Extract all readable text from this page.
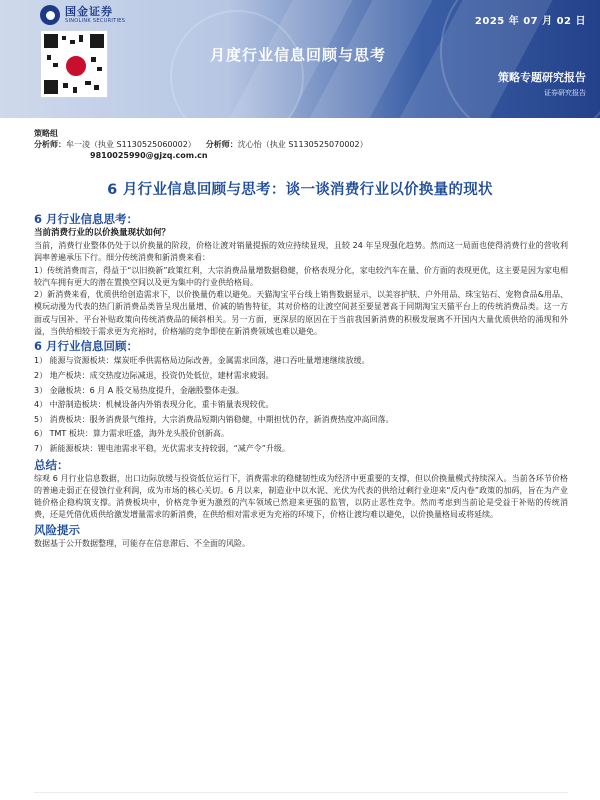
国金证券
SINOLINK SECURITIES	2025 年 07 月 02 日
月度行业信息回顾与思考
策略专题研究报告
证券研究报告
策略组
分析师：牟一凌（执业 S1130525060002） 分析师：沈心怡（执业 S1130525070002）
9810025990@gjzq.com.cn
6 月行业信息回顾与思考：谈一谈消费行业以价换量的现状
6 月行业信息思考：
当前消费行业的以价换量现状如何？

当前，消费行业整体仍处于以价换量的阶段，价格让渡对销量提振的效应持续显现，且较 24 年呈现强化趋势。然而这一局面也使得消费行业的营收利润率普遍承压下行。细分传统消费和新消费来看：

1）传统消费而言，得益于“以旧换新”政策红利，大宗消费品量增数据稳健，价格表现分化，家电较汽车在量、价方面的表现更优，这主要是因为家电相较汽车拥有更大的潜在置换空间以及更为集中的行业供给格局。

2）新消费来看，优质供给创造需求下，以价换量仍难以避免。天猫淘宝平台线上销售数据显示，以美容护肤、户外用品、珠宝钻石、宠物食品&用品、模玩动漫为代表的热门新消费品类皆呈现出量增、价减的销售特征，其对价格的让渡空间甚至要显著高于同期淘宝天猫平台上的传统消费品类。这一方面或与国补、平台补贴政策向传统消费品的倾斜相关。另一方面，更深层的原因在于当前我国新消费的积极发展离不开国内大量优质供给的涌现和外溢，当供给相较于需求更为充裕时，价格端的竞争即使在新消费领域也难以避免。

6 月行业信息回顾：
1） 能源与资源板块：煤炭旺季供需格局边际改善，金属需求回落，港口吞吐量增速继续放缓。
2） 地产板块：成交热度边际减退，投资仍处低位，建材需求疲弱。
3） 金融板块：6 月 A 股交易热度提升，金融股整体走强。
4） 中游制造板块：机械设备内外销表现分化，重卡销量表现较优。
5） 消费板块：服务消费景气维持，大宗消费品短期内销稳健，中期担忧仍存，新消费热度冲高回落。
6） TMT 板块：算力需求旺盛，海外龙头股价创新高。
7） 新能源板块：锂电池需求平稳，光伏需求支持较弱，“减产令”升级。
总结：

综观 6 月行业信息数据，出口边际放缓与投资低位运行下，消费需求的稳健韧性成为经济中更重要的支撑，但以价换量模式持续深入。当前各环节价格的普遍走弱正在侵蚀行业利润，成为市场的核心关切。6 月以来，制造业中以水泥、光伏为代表的供给过剩行业迎来“反内卷”政策的加码，旨在为产业链价格企稳构筑支撑。消费板块中，价格竞争更为激烈的汽车领域已然迎来更强的监管，以防止恶性竞争。然而考虑到当前论是受益于补贴的传统消费，还是凭借优质供给激发增量需求的新消费，在供给相对需求更为充裕的环境下，价格让渡均难以避免，以价换量格局或将延续。

风险提示

数据基于公开数据整理，可能存在信息滞后、不全面的风险。
